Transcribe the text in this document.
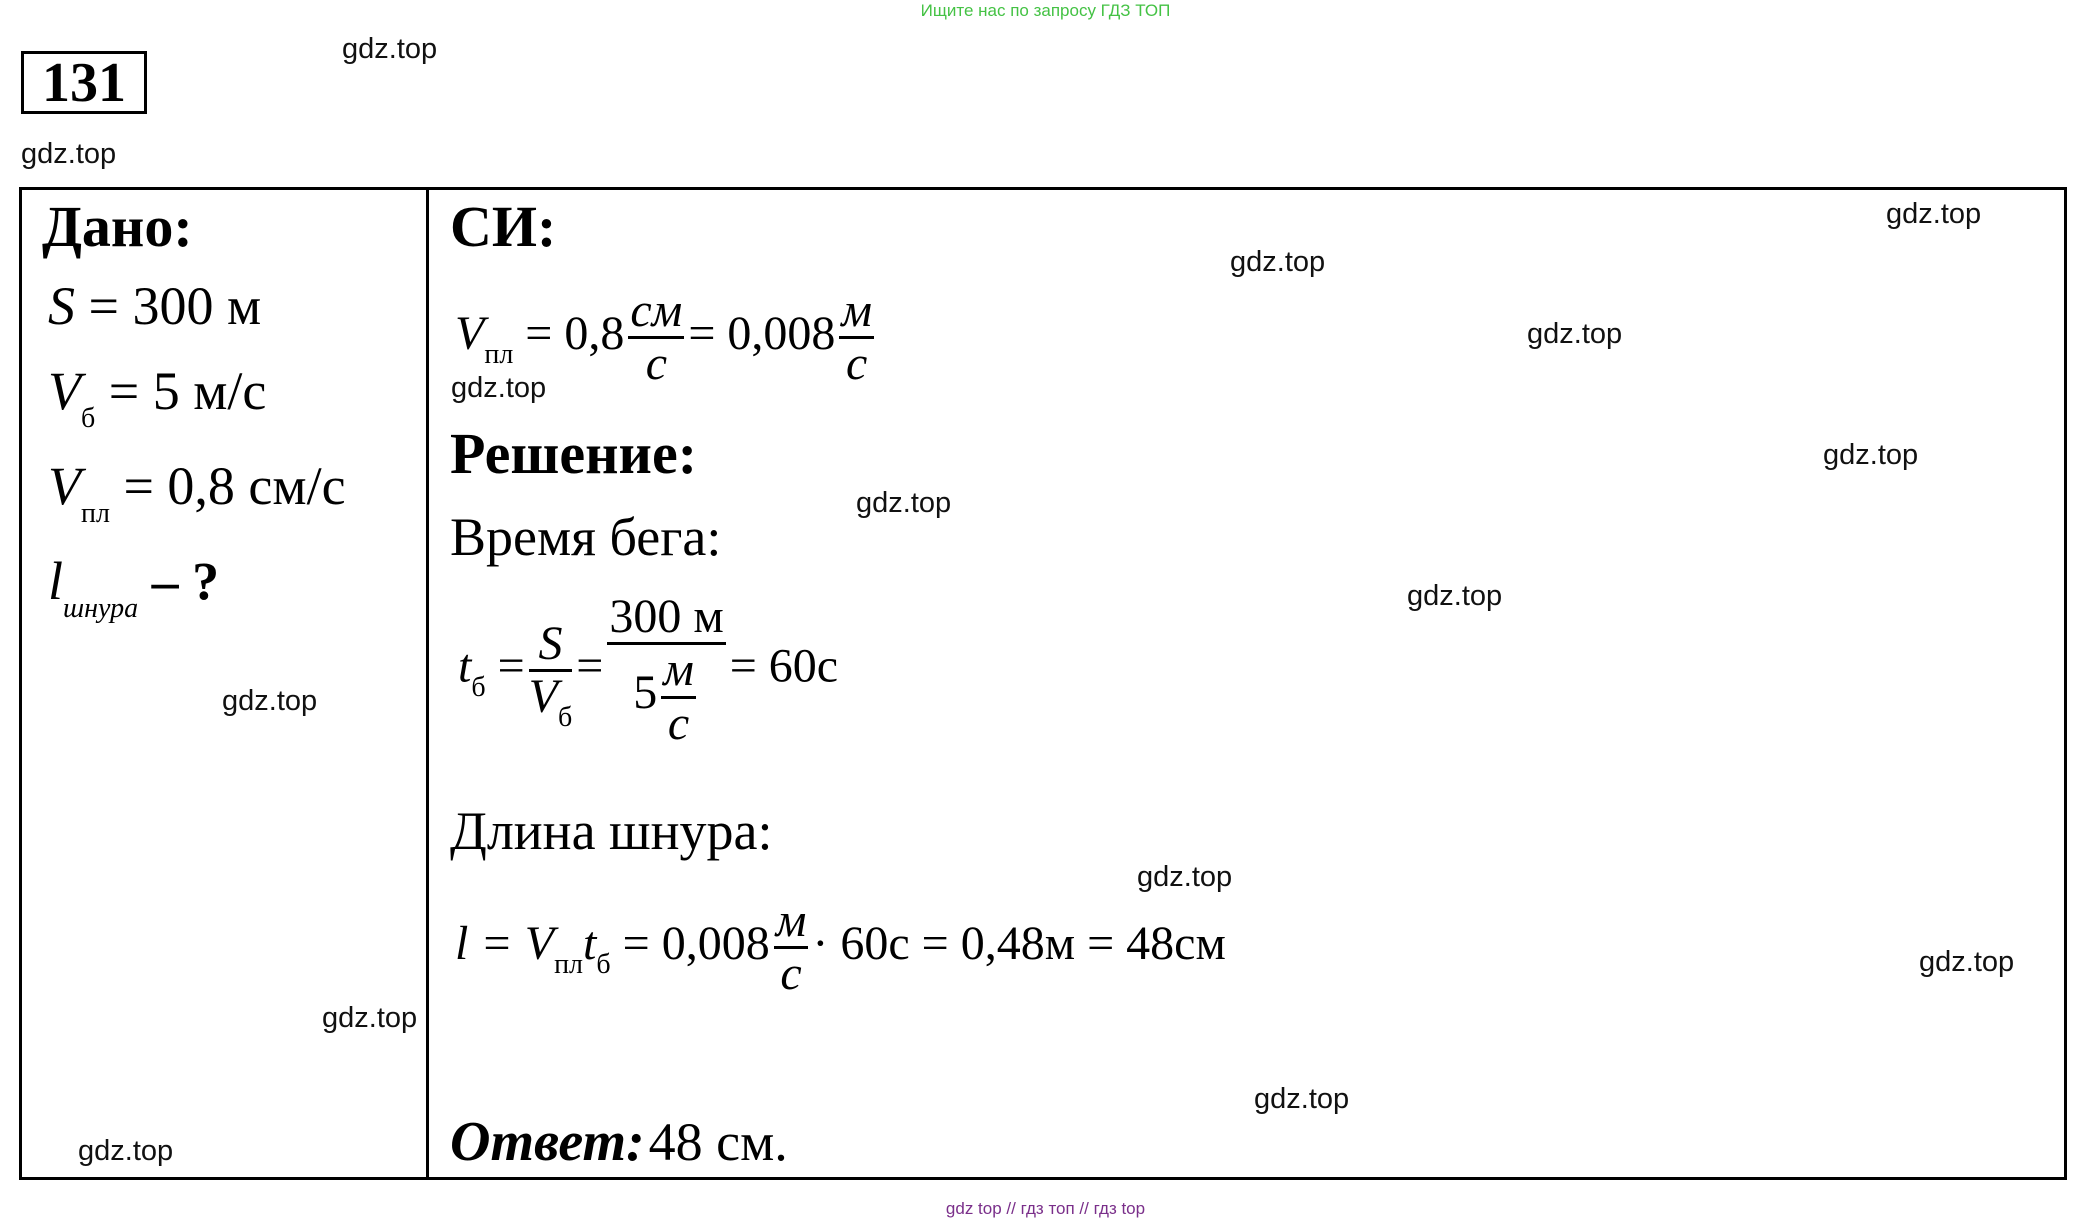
Ищите нас по запросу ГДЗ ТОП
131
gdz.top
gdz.top
Дано:
S = 300 м
$V_б = 5$ м/с
$V_{пл} = 0,8$ см/с
$l_{шнура}$ – ?
СИ:
$V_{пл} = 0,8 \frac{см}{с} = 0,008 \frac{м}{с}$
Решение:
Время бега:
$t_б = \frac{S}{V_б} = \frac{300 м}{5 \frac{м}{с}} = 60с$
Длина шнура:
$l = V_{пл}t_б = 0,008 \frac{м}{с} \cdot 60с = 0,48м = 48см$
Ответ: 48 см.
gdz.top
gdz.top
gdz.top
gdz.top
gdz.top
gdz.top
gdz.top
gdz.top
gdz.top
gdz.top
gdz.top
gdz.top
gdz.top
gdz top // гдз топ // гдз top
